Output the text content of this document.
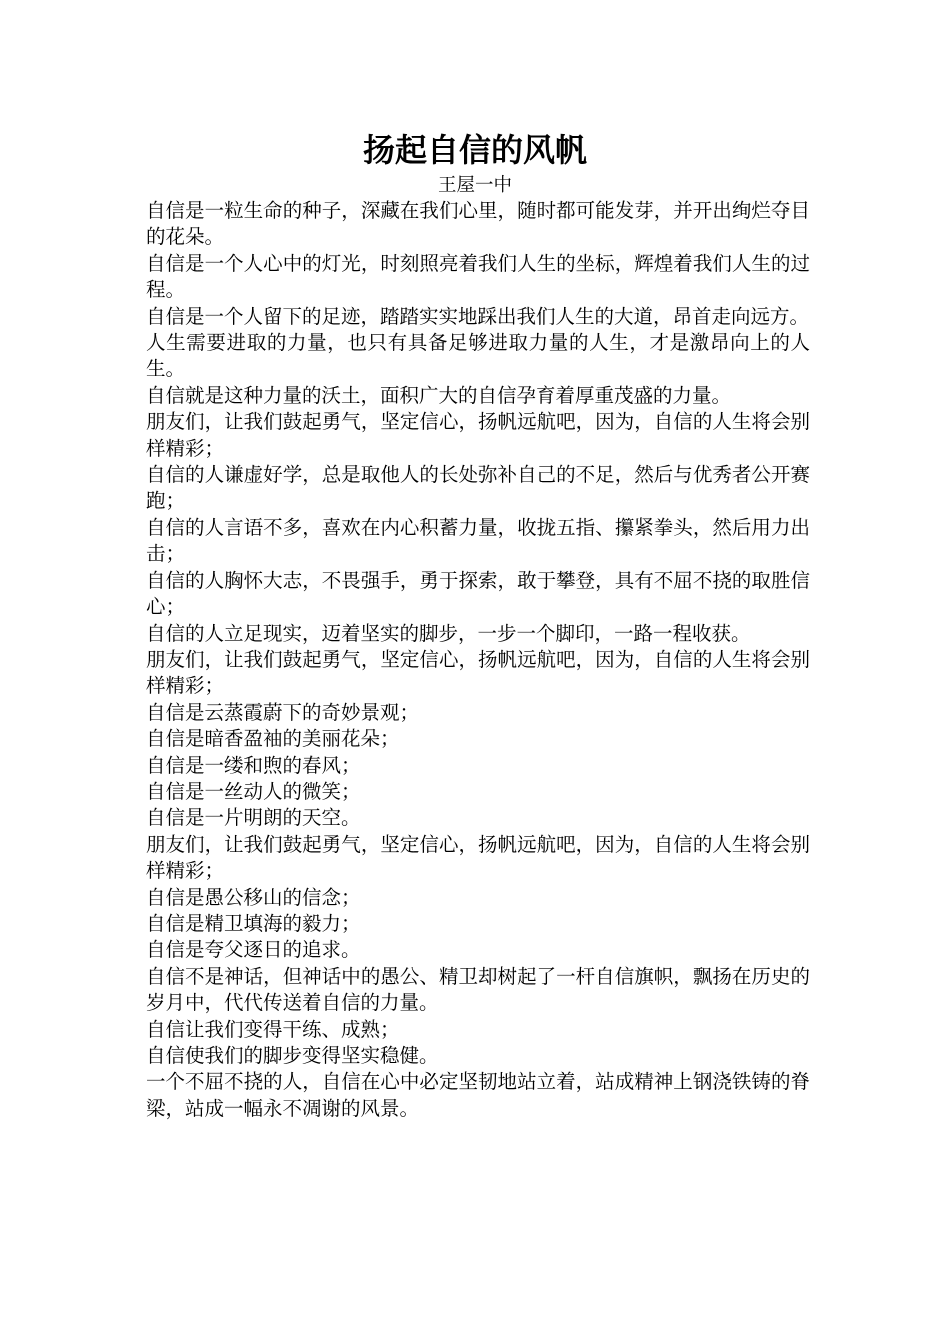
扬起自信的风帆
王屋一中

自信是一粒生命的种子，深藏在我们心里，随时都可能发芽，并开出绚烂夺目的花朵。

自信是一个人心中的灯光，时刻照亮着我们人生的坐标，辉煌着我们人生的过程。

自信是一个人留下的足迹，踏踏实实地踩出我们人生的大道，昂首走向远方。

人生需要进取的力量，也只有具备足够进取力量的人生，才是激昂向上的人生。

自信就是这种力量的沃土，面积广大的自信孕育着厚重茂盛的力量。

朋友们，让我们鼓起勇气，坚定信心，扬帆远航吧，因为，自信的人生将会别样精彩；

自信的人谦虚好学，总是取他人的长处弥补自己的不足，然后与优秀者公开赛跑；

自信的人言语不多，喜欢在内心积蓄力量，收拢五指、攥紧拳头，然后用力出击；

自信的人胸怀大志，不畏强手，勇于探索，敢于攀登，具有不屈不挠的取胜信心；

自信的人立足现实，迈着坚实的脚步，一步一个脚印，一路一程收获。

朋友们，让我们鼓起勇气，坚定信心，扬帆远航吧，因为，自信的人生将会别样精彩；

自信是云蒸霞蔚下的奇妙景观；

自信是暗香盈袖的美丽花朵；

自信是一缕和煦的春风；

自信是一丝动人的微笑；

自信是一片明朗的天空。

朋友们，让我们鼓起勇气，坚定信心，扬帆远航吧，因为，自信的人生将会别样精彩；

自信是愚公移山的信念；

自信是精卫填海的毅力；

自信是夸父逐日的追求。

自信不是神话，但神话中的愚公、精卫却树起了一杆自信旗帜，飘扬在历史的岁月中，代代传送着自信的力量。

自信让我们变得干练、成熟；

自信使我们的脚步变得坚实稳健。

一个不屈不挠的人，自信在心中必定坚韧地站立着，站成精神上钢浇铁铸的脊梁，站成一幅永不凋谢的风景。
